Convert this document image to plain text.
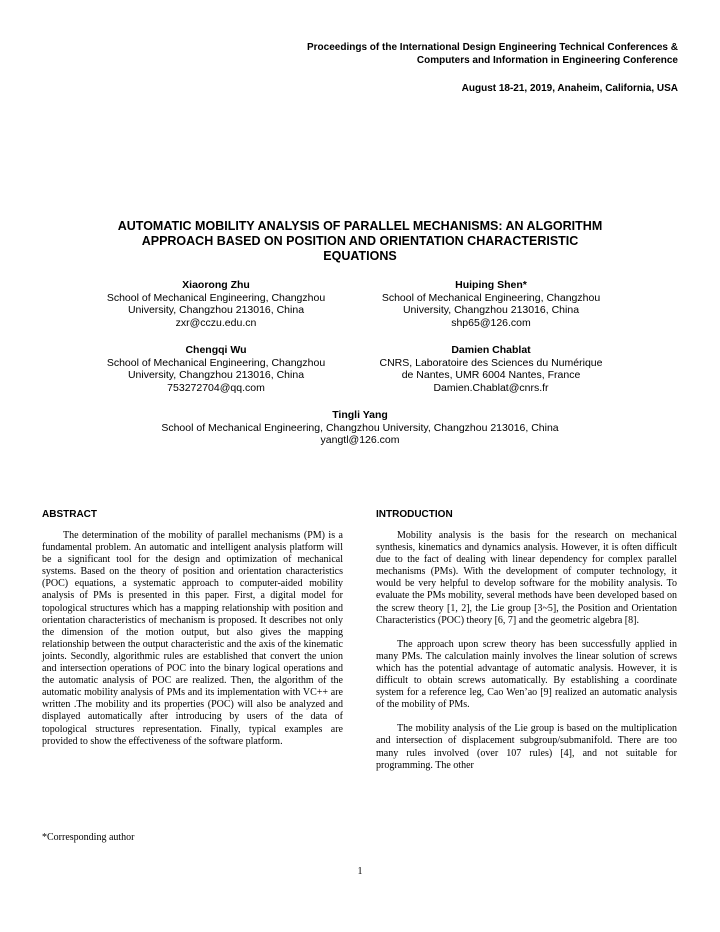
Proceedings of the International Design Engineering Technical Conferences &
Computers and Information in Engineering Conference
August 18-21, 2019, Anaheim, California, USA
AUTOMATIC MOBILITY ANALYSIS OF PARALLEL MECHANISMS: AN ALGORITHM
APPROACH BASED ON POSITION AND ORIENTATION CHARACTERISTIC
EQUATIONS
Xiaorong Zhu
School of Mechanical Engineering, Changzhou
University, Changzhou 213016, China
zxr@cczu.edu.cn
Huiping Shen*
School of Mechanical Engineering, Changzhou
University, Changzhou 213016, China
shp65@126.com
Chengqi Wu
School of Mechanical Engineering, Changzhou
University, Changzhou 213016, China
753272704@qq.com
Damien Chablat
CNRS, Laboratoire des Sciences du Numérique
de Nantes, UMR 6004 Nantes, France
Damien.Chablat@cnrs.fr
Tingli Yang
School of Mechanical Engineering, Changzhou University, Changzhou 213016, China
yangtl@126.com
ABSTRACT

The determination of the mobility of parallel mechanisms (PM) is a fundamental problem. An automatic and intelligent analysis platform will be a significant tool for the design and optimization of mechanical systems. Based on the theory of position and orientation characteristics (POC) equations, a systematic approach to computer-aided mobility analysis of PMs is presented in this paper. First, a digital model for topological structures which has a mapping relationship with position and orientation characteristics of mechanism is proposed. It describes not only the dimension of the motion output, but also gives the mapping relationship between the output characteristic and the axis of the kinematic joints. Secondly, algorithmic rules are established that convert the union and intersection operations of POC into the binary logical operations and the automatic analysis of POC are realized. Then, the algorithm of the automatic mobility analysis of PMs and its implementation with VC++ are written .The mobility and its properties (POC) will also be analyzed and displayed automatically after introducing by users of the data of topological structures representation. Finally, typical examples are provided to show the effectiveness of the software platform.

*Corresponding author
INTRODUCTION

Mobility analysis is the basis for the research on mechanical synthesis, kinematics and dynamics analysis. However, it is often difficult due to the fact of dealing with linear dependency for complex parallel mechanisms (PMs). With the development of computer technology, it would be very helpful to develop software for the mobility analysis. To evaluate the PMs mobility, several methods have been developed based on the screw theory [1, 2], the Lie group [3~5], the Position and Orientation Characteristics (POC) theory [6, 7] and the geometric algebra [8].

The approach upon screw theory has been successfully applied in many PMs. The calculation mainly involves the linear solution of screws which has the potential advantage of automatic analysis. However, it is difficult to obtain screws automatically. By establishing a coordinate system for a reference leg, Cao Wen’ao [9] realized an automatic analysis of the mobility of PMs.

The mobility analysis of the Lie group is based on the multiplication and intersection of displacement subgroup/submanifold. There are too many rules involved (over 107 rules) [4], and not suitable for programming. The other

1
